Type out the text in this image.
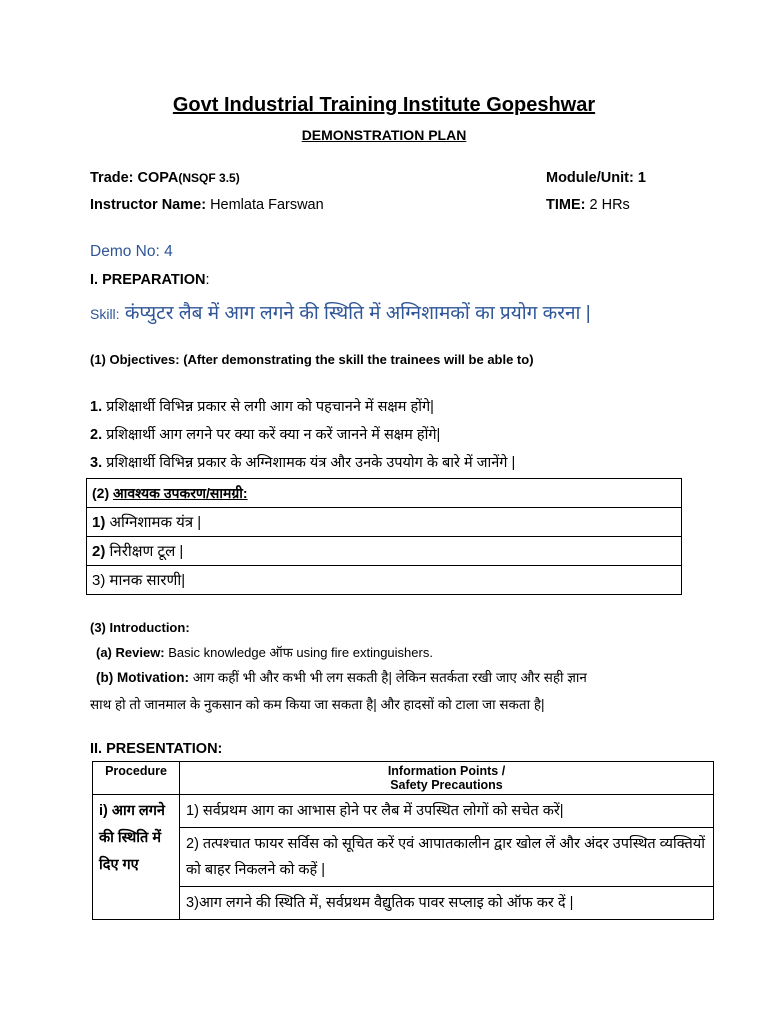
Govt Industrial Training Institute Gopeshwar
DEMONSTRATION PLAN
Trade: COPA(NSQF 3.5)	Module/Unit: 1
Instructor Name: Hemlata Farswan	TIME: 2 HRs
Demo No: 4
I. PREPARATION:
Skill: कंप्युटर लैब में आग लगने की स्थिति में अग्निशामकों का प्रयोग करना |
(1) Objectives: (After demonstrating the skill the trainees will be able to)
1. प्रशिक्षार्थी विभिन्न प्रकार से लगी आग को पहचानने में सक्षम होंगे|
2. प्रशिक्षार्थी आग लगने पर क्या करें क्या न करें जानने में सक्षम होंगे|
3. प्रशिक्षार्थी विभिन्न प्रकार के अग्निशामक यंत्र और उनके उपयोग के बारे में जानेंगे |
(2) आवश्यक उपकरण/सामग्री:
1) अग्निशामक यंत्र |
2) निरीक्षण टूल |
3) मानक सारणी|
(3) Introduction:
(a) Review: Basic knowledge ऑफ using fire extinguishers.
(b) Motivation: आग कहीं भी और कभी भी लग सकती है| लेकिन सतर्कता रखी जाए और सही ज्ञान
साथ हो तो जानमाल के नुकसान को कम किया जा सकता है| और हादसों को टाला जा सकता है|
II. PRESENTATION:
Procedure	Information Points /
Safety Precautions

i) आग लगने की स्थिति में दिए गए	1) सर्वप्रथम आग का आभास होने पर लैब में उपस्थित लोगों को सचेत करें|
	2) तत्पश्चात फायर सर्विस को सूचित करें एवं आपातकालीन द्वार खोल लें और अंदर उपस्थित व्यक्तियों को बाहर निकलने को कहें |
	3)आग लगने की स्थिति में, सर्वप्रथम वैद्युतिक पावर सप्लाइ को ऑफ कर दें |
